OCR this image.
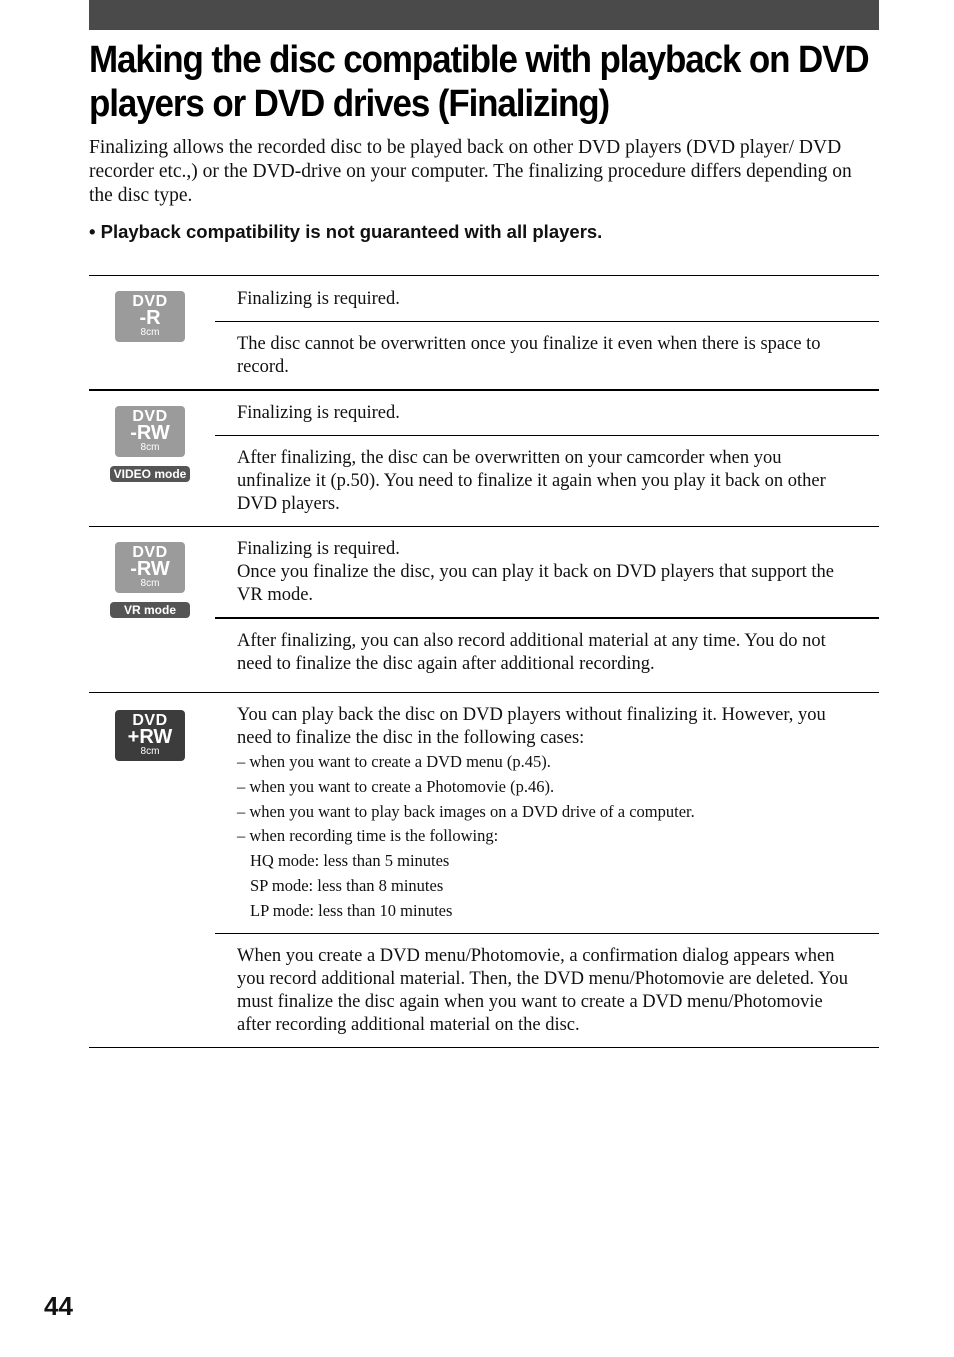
Making the disc compatible with playback on DVD players or DVD drives (Finalizing)

Finalizing allows the recorded disc to be played back on other DVD players (DVD player/ DVD recorder etc.,) or the DVD-drive on your computer. The finalizing procedure differs depending on the disc type.

• Playback compatibility is not guaranteed with all players.

DVD
-R
8cm
Finalizing is required.
The disc cannot be overwritten once you finalize it even when there is space to record.
DVD
-RW
8cm
VIDEO mode
Finalizing is required.
After finalizing, the disc can be overwritten on your camcorder when you unfinalize it (p.50). You need to finalize it again when you play it back on other DVD players.
DVD
-RW
8cm
VR mode
Finalizing is required.
Once you finalize the disc, you can play it back on DVD players that support the VR mode.
After finalizing, you can also record additional material at any time. You do not need to finalize the disc again after additional recording.
DVD
+RW
8cm
You can play back the disc on DVD players without finalizing it. However, you need to finalize the disc in the following cases:
– when you want to create a DVD menu (p.45).
– when you want to create a Photomovie (p.46).
– when you want to play back images on a DVD drive of a computer.
– when recording time is the following:
HQ mode: less than 5 minutes
SP mode: less than 8 minutes
LP mode: less than 10 minutes
When you create a DVD menu/Photomovie, a confirmation dialog appears when you record additional material. Then, the DVD menu/Photomovie are deleted. You must finalize the disc again when you want to create a DVD menu/Photomovie after recording additional material on the disc.
44
